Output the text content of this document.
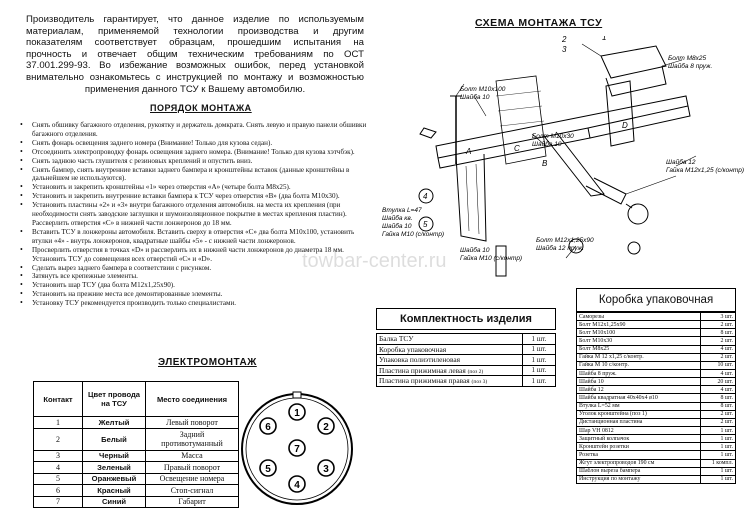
Производитель гарантирует, что данное изделие по используемым материалам, применяемой технологии производства и другим показателям соответствует образцам, прошедшим испытания на прочность и отвечает общим техническим требованиям по ОСТ 37.001.299-93. Во избежание возможных ошибок, перед установкой внимательно ознакомьтесь с инструкцией по монтажу и возможностью применения данного ТСУ к Вашему автомобилю.
ПОРЯДОК МОНТАЖА
• Снять обшивку багажного отделения, рукоятку и держатель домкрата. Снять левую и правую панели обшивки багажного отделения.
• Снять фонарь освещения заднего номера (Внимание! Только для кузова седан).
• Отсоединить электропроводку фонарь освещения заднего номера. (Внимание! Только для кузова хэтчбэк).
• Снять заднюю часть глушителя с резиновых креплений и опустить вниз.
• Снять бампер, снять внутренние вставки заднего бампера и кронштейны вставок (данные кронштейны в дальнейшем не используются).
• Установить и закрепить кронштейны «1» через отверстия «А» (четыре болта М8х25).
• Установить и закрепить внутренние вставки бампера к ТСУ через отверстия «В» (два болта М10х30).
• Установить пластины «2» и «3» внутри багажного отделения автомобиля. на места их крепления (при необходимости снять заводские заглушки и шумоизоляционное покрытие в местах крепления пластин). Рассверлить отверстия «С» в нижней части лонжеронов до 18 мм.
• Вставить ТСУ в лонжероны автомобиля. Вставить сверху в отверстия «С» два болта М10х100, установить втулки «4» - внутрь лонжеронов, квадратные шайбы «5» - с нижней части лонжеронов.
• Просверлить отверстия в точках «D» и рассверлить их в нижней части лонжеронов до диаметра 18 мм. Установить ТСУ до совмещения всех отверстий «С» и «D».
• Сделать вырез заднего бампера в соответствии с рисунком.
• Затянуть все крепежные элементы.
• Установить шар ТСУ (два болта М12х1,25х90).
• Установить на прежние места все демонтированные элементы.
• Установку ТСУ рекомендуется производить только специалистами.
ЭЛЕКТРОМОНТАЖ
Контакт	Цвет провода на ТСУ	Место соединения
1	Желтый	Левый поворот
2	Белый	Задний противотуманный
3	Черный	Масса
4	Зеленый	Правый поворот
5	Оранжевый	Освещение номера
6	Красный	Стоп-сигнал
7	Синий	Габарит
1
6	2
7
5	3
4
СХЕМА МОНТАЖА ТСУ
Болт М10х100
Шайба 10
Болт М8х25
Шайба 8 пруж.
Болт М10х30
Шайба 10
Шайба 12
Гайка М12х1,25 (с/контр)
Втулка L=47
Шайба кв.
Шайба 10
Гайка М10 (с/контр)
Шайба 10
Гайка М10 (с/контр)
Болт М12х1,25х90
Шайба 12 пруж.
A
B
C
D
1
2
3
4
5
towbar-center.ru
Комплектность изделия
Балка ТСУ	1 шт.
Коробка упаковочная	1 шт.
Упаковка полиэтиленовая	1 шт.
Пластина прижимная левая (поз 2)	1 шт.
Пластина прижимная правая (поз 3)	1 шт.
Коробка упаковочная
Саморезы	3 шт.
Болт М12х1,25х90	2 шт.
Болт М10х100	8 шт.
Болт М10х30	2 шт.
Болт М8х25	4 шт.
Гайка М 12 х1,25 с/контр.	2 шт.
Гайка М 10 с/контр.	10 шт.
Шайба 8 пруж.	4 шт.
Шайба 10	20 шт.
Шайба 12	4 шт.
Шайба квадратная 40х40х4 ø10	8 шт.
Втулка L=52 мм	8 шт.
Уголок кронштейна (поз 1)	2 шт.
Дистанционная пластина	2 шт.
Шар VH 0812	1 шт.
Защитный колпачок	1 шт.
Кронштейн розетки	1 шт.
Розетка	1 шт.
Жгут электропроводов 190 см	1 компл.
Шаблон выреза бампера	1 шт.
Инструкция по монтажу	1 шт.
